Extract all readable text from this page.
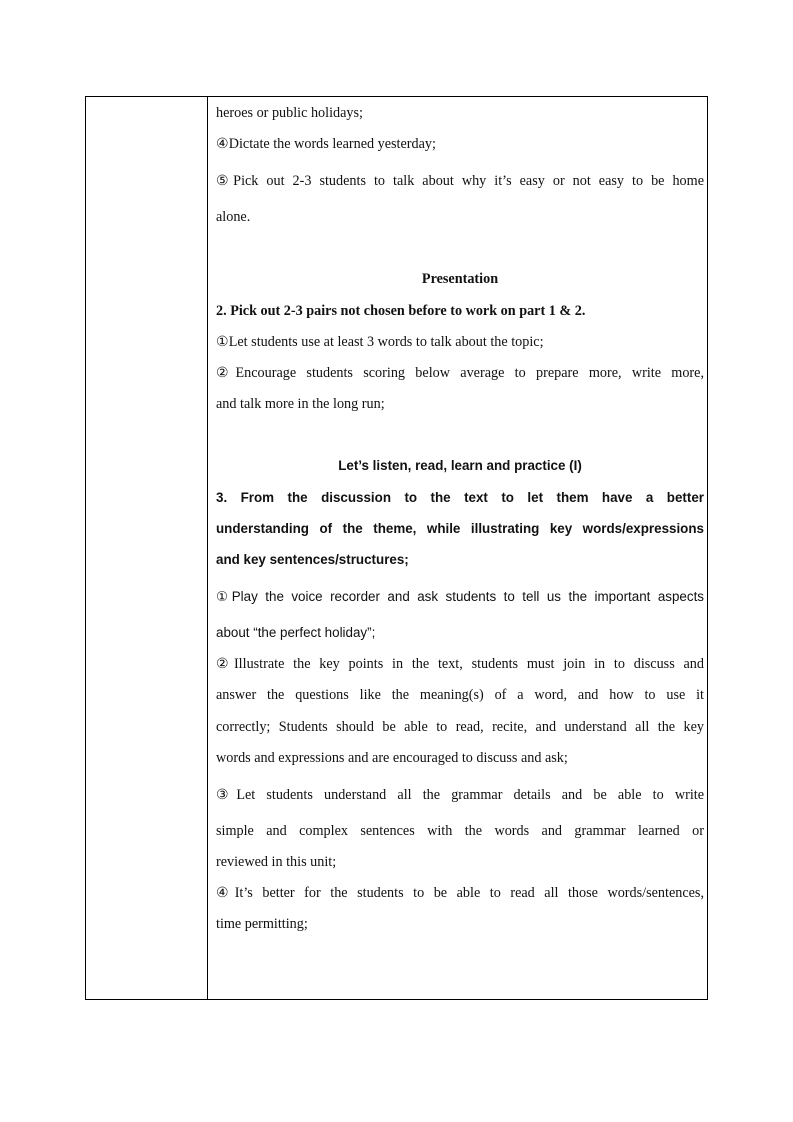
heroes or public holidays;
④Dictate the words learned yesterday;
⑤Pick out 2-3 students to talk about why it’s easy or not easy to be home
alone.
Presentation
2. Pick out 2-3 pairs not chosen before to work on part 1 & 2.
①Let students use at least 3 words to talk about the topic;
②Encourage students scoring below average to prepare more, write more,
and talk more in the long run;
Let’s listen, read, learn and practice (I)
3. From the discussion to the text to let them have a better
understanding of the theme, while illustrating key words/expressions
and key sentences/structures;
①Play the voice recorder and ask students to tell us the important aspects
about “the perfect holiday”;
②Illustrate the key points in the text, students must join in to discuss and
answer the questions like the meaning(s) of a word, and how to use it
correctly; Students should be able to read, recite, and understand all the key
words and expressions and are encouraged to discuss and ask;
③Let students understand all the grammar details and be able to write
simple and complex sentences with the words and grammar learned or
reviewed in this unit;
④It’s better for the students to be able to read all those words/sentences,
time permitting;
